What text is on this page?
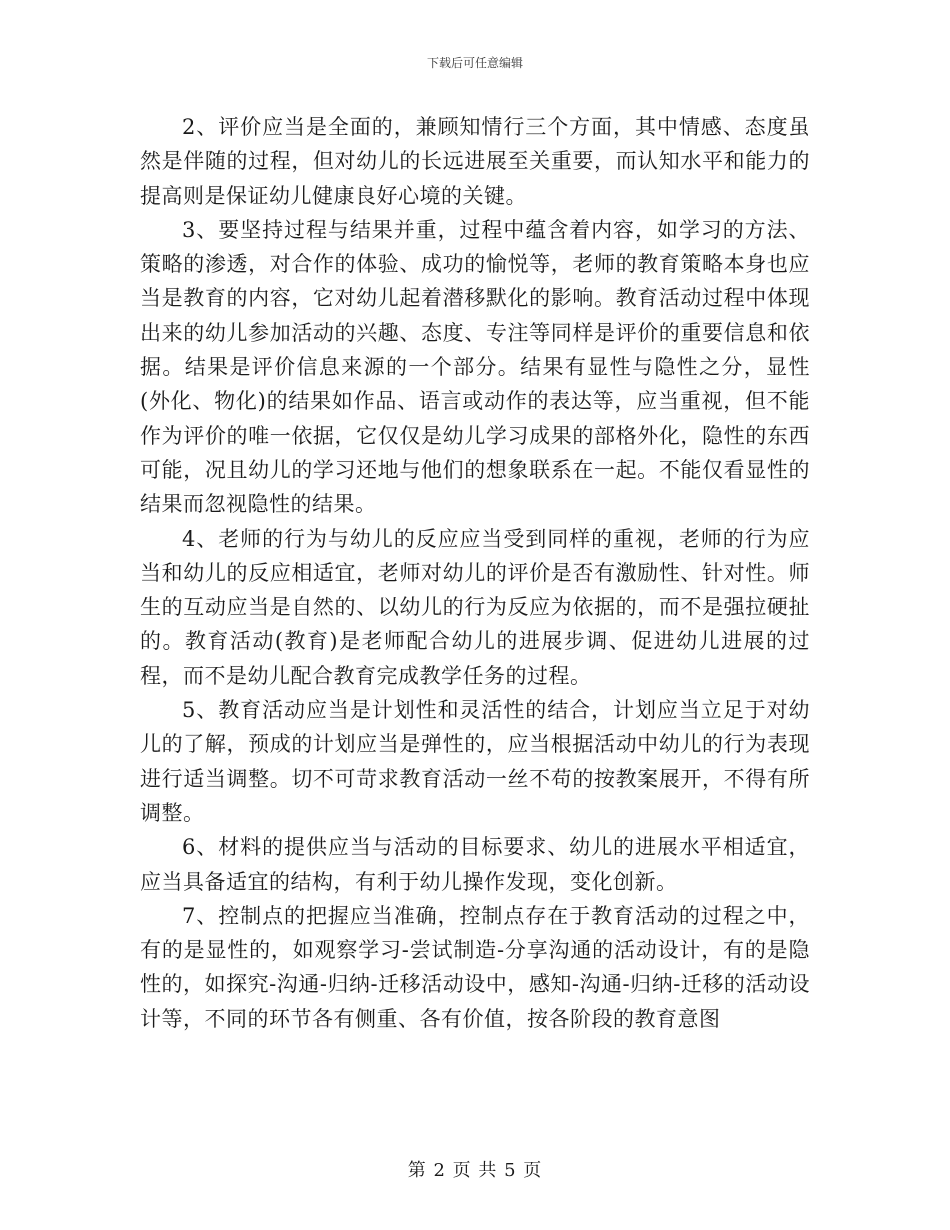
下载后可任意编辑

2、评价应当是全面的，兼顾知情行三个方面，其中情感、态度虽然是伴随的过程，但对幼儿的长远进展至关重要，而认知水平和能力的提高则是保证幼儿健康良好心境的关键。

3、要坚持过程与结果并重，过程中蕴含着内容，如学习的方法、策略的渗透，对合作的体验、成功的愉悦等，老师的教育策略本身也应当是教育的内容，它对幼儿起着潜移默化的影响。教育活动过程中体现出来的幼儿参加活动的兴趣、态度、专注等同样是评价的重要信息和依据。结果是评价信息来源的一个部分。结果有显性与隐性之分，显性(外化、物化)的结果如作品、语言或动作的表达等，应当重视，但不能作为评价的唯一依据，它仅仅是幼儿学习成果的部格外化，隐性的东西可能，况且幼儿的学习还地与他们的想象联系在一起。不能仅看显性的结果而忽视隐性的结果。

4、老师的行为与幼儿的反应应当受到同样的重视，老师的行为应当和幼儿的反应相适宜，老师对幼儿的评价是否有激励性、针对性。师生的互动应当是自然的、以幼儿的行为反应为依据的，而不是强拉硬扯的。教育活动(教育)是老师配合幼儿的进展步调、促进幼儿进展的过程，而不是幼儿配合教育完成教学任务的过程。

5、教育活动应当是计划性和灵活性的结合，计划应当立足于对幼儿的了解，预成的计划应当是弹性的，应当根据活动中幼儿的行为表现进行适当调整。切不可苛求教育活动一丝不苟的按教案展开，不得有所调整。

6、材料的提供应当与活动的目标要求、幼儿的进展水平相适宜，应当具备适宜的结构，有利于幼儿操作发现，变化创新。

7、控制点的把握应当准确，控制点存在于教育活动的过程之中，有的是显性的，如观察学习-尝试制造-分享沟通的活动设计，有的是隐性的，如探究-沟通-归纳-迁移活动设中，感知-沟通-归纳-迁移的活动设计等，不同的环节各有侧重、各有价值，按各阶段的教育意图

第 2 页 共 5 页
